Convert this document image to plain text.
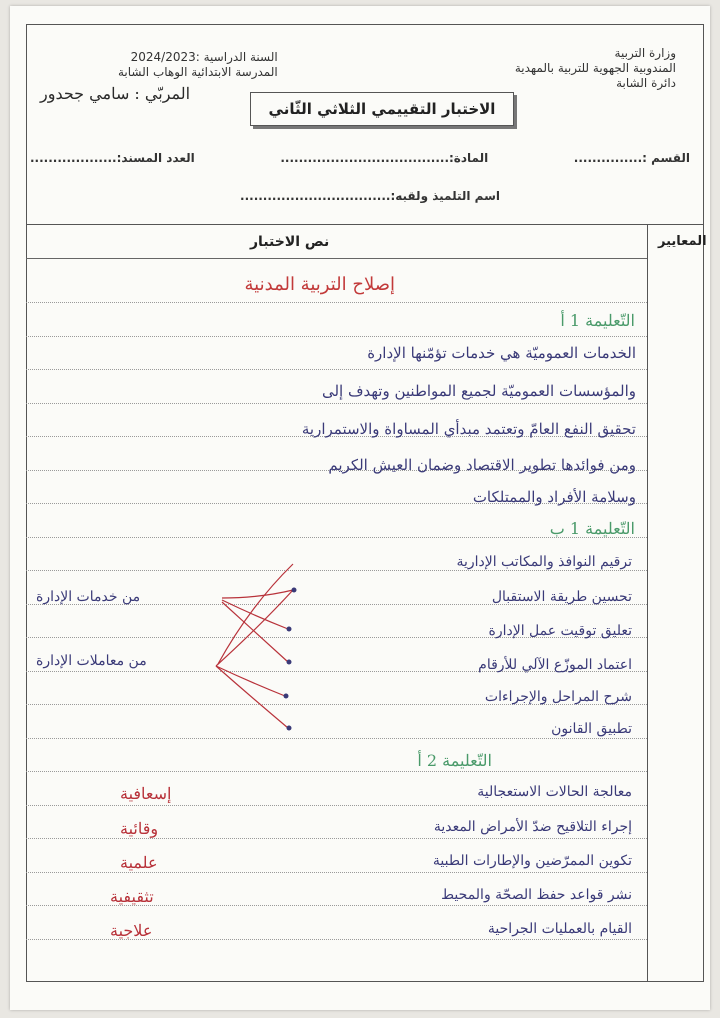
وزارة التربية
المندوبية الجهوية للتربية بالمهدية
دائرة الشابة
السنة الدراسية :2024/2023
المدرسة الابتدائية الوهاب الشابة
المربّي : سامي جحدور
الاختبار التقييمي الثلاثي الثّاني
القسم :...............
المادة:.....................................
العدد المسند:...................
اسم التلميذ ولقبه:.................................
نص الاختبار	المعايير
إصلاح التربية المدنية
التّعليمة 1 أ
الخدمات العموميّة هي خدمات تؤمّنها الإدارة
والمؤسسات العموميّة لجميع المواطنين وتهدف إلى
تحقيق النفع العامّ وتعتمد مبدأي المساواة والاستمرارية
ومن فوائدها تطوير الاقتصاد وضمان العيش الكريم
وسلامة الأفراد والممتلكات
التّعليمة 1 ب
ترقيم النوافذ والمكاتب الإدارية
تحسين طريقة الاستقبال
تعليق توقيت عمل الإدارة
اعتماد الموزّع الآلي للأرقام
شرح المراحل والإجراءات
تطبيق القانون
من خدمات الإدارة
من معاملات الإدارة
التّعليمة 2 أ
معالجة الحالات الاستعجالية
إجراء التلاقيح ضدّ الأمراض المعدية
تكوين الممرّضين والإطارات الطبية
نشر قواعد حفظ الصحّة والمحيط
القيام بالعمليات الجراحية
إسعافية
وقائية
علمية
تثقيفية
علاجية
